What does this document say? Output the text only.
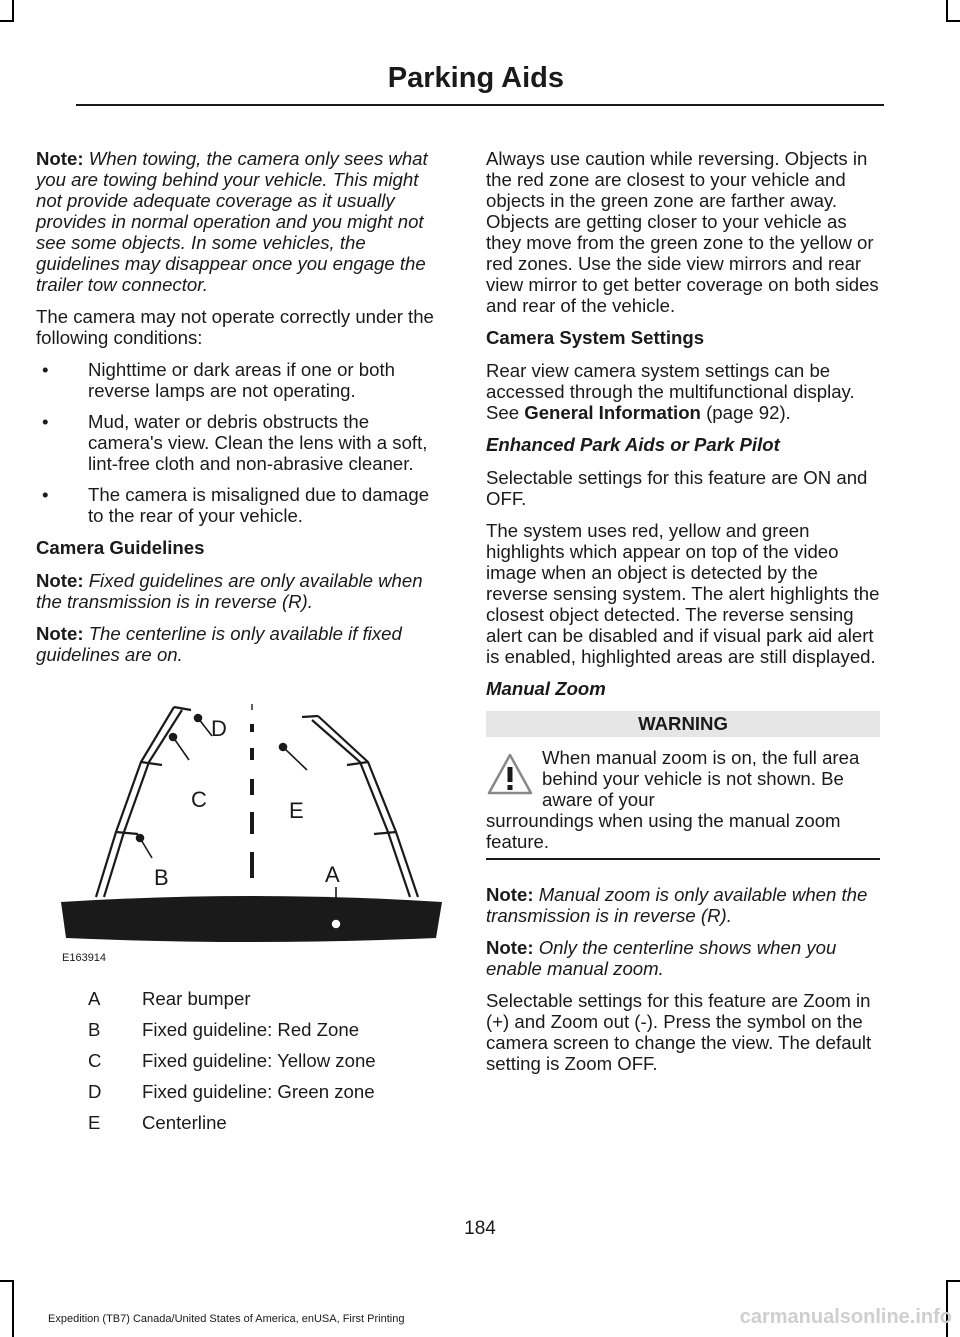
Parking Aids

Note: When towing, the camera only sees what you are towing behind your vehicle. This might not provide adequate coverage as it usually provides in normal operation and you might not see some objects. In some vehicles, the guidelines may disappear once you engage the trailer tow connector.

The camera may not operate correctly under the following conditions:

• Nighttime or dark areas if one or both reverse lamps are not operating.
• Mud, water or debris obstructs the camera's view. Clean the lens with a soft, lint-free cloth and non-abrasive cleaner.
• The camera is misaligned due to damage to the rear of your vehicle.
Camera Guidelines

Note: Fixed guidelines are only available when the transmission is in reverse (R).

Note: The centerline is only available if fixed guidelines are on.

D
C	E
B	A
E163914
A	Rear bumper
B	Fixed guideline: Red Zone
C	Fixed guideline: Yellow zone
D	Fixed guideline: Green zone
E	Centerline

Always use caution while reversing. Objects in the red zone are closest to your vehicle and objects in the green zone are farther away. Objects are getting closer to your vehicle as they move from the green zone to the yellow or red zones. Use the side view mirrors and rear view mirror to get better coverage on both sides and rear of the vehicle.

Camera System Settings

Rear view camera system settings can be accessed through the multifunctional display. See General Information (page 92).

Enhanced Park Aids or Park Pilot

Selectable settings for this feature are ON and OFF.

The system uses red, yellow and green highlights which appear on top of the video image when an object is detected by the reverse sensing system. The alert highlights the closest object detected. The reverse sensing alert can be disabled and if visual park aid alert is enabled, highlighted areas are still displayed.

Manual Zoom
WARNING
When manual zoom is on, the full area behind your vehicle is not shown. Be aware of your
surroundings when using the manual zoom feature.

Note: Manual zoom is only available when the transmission is in reverse (R).

Note: Only the centerline shows when you enable manual zoom.

Selectable settings for this feature are Zoom in (+) and Zoom out (-). Press the symbol on the camera screen to change the view. The default setting is Zoom OFF.

184
Expedition (TB7) Canada/United States of America, enUSA, First Printing	carmanualsonline.info
